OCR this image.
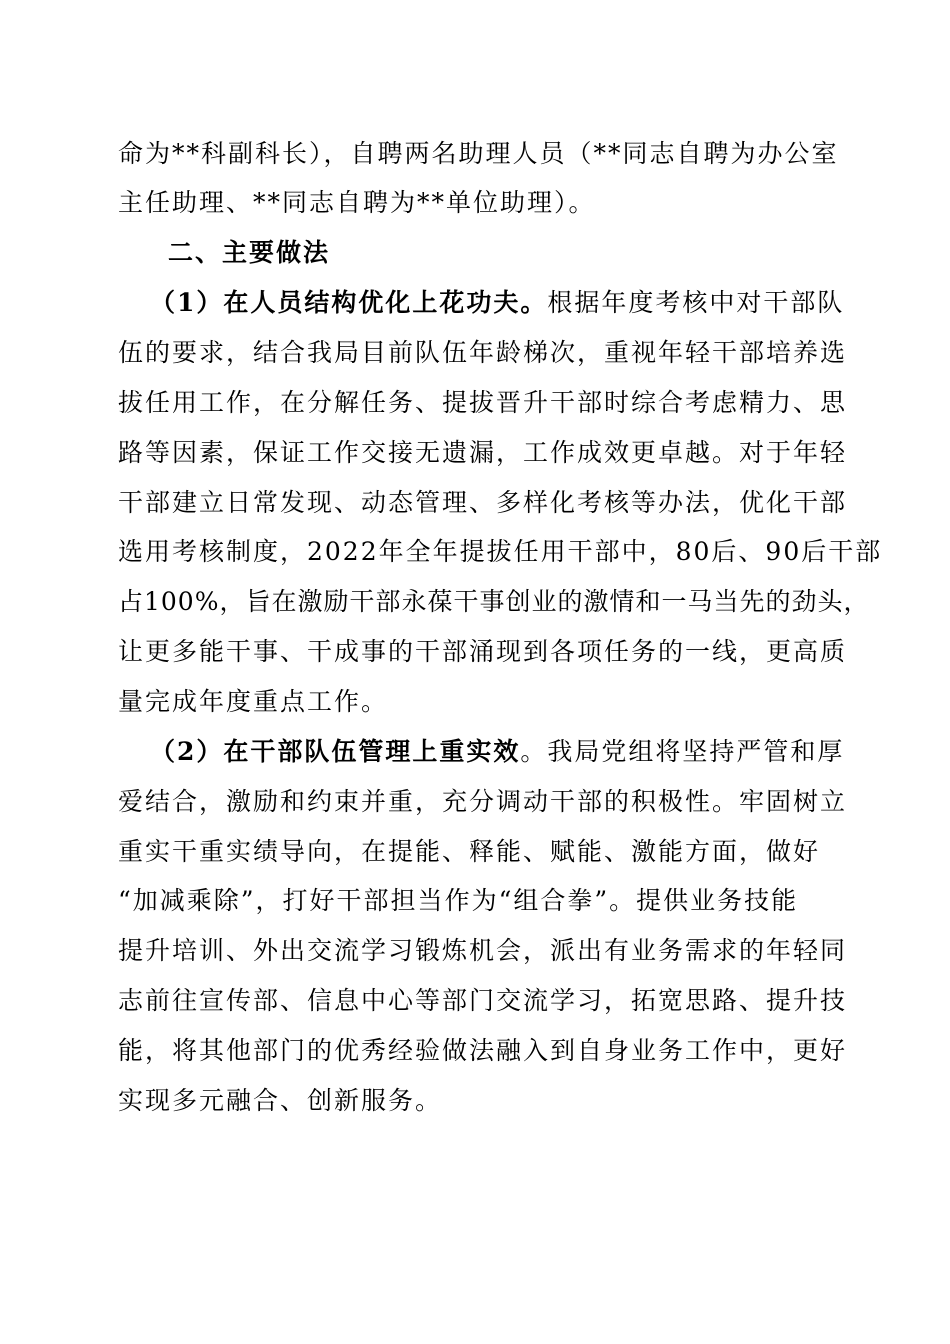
命为**科副科长），自聘两名助理人员（**同志自聘为办公室
主任助理、**同志自聘为**单位助理）。
二、主要做法
（1）在人员结构优化上花功夫。根据年度考核中对干部队
伍的要求，结合我局目前队伍年龄梯次，重视年轻干部培养选
拔任用工作，在分解任务、提拔晋升干部时综合考虑精力、思
路等因素，保证工作交接无遗漏，工作成效更卓越。对于年轻
干部建立日常发现、动态管理、多样化考核等办法，优化干部
选用考核制度，2022年全年提拔任用干部中，80后、90后干部
占100%，旨在激励干部永葆干事创业的激情和一马当先的劲头，
让更多能干事、干成事的干部涌现到各项任务的一线，更高质
量完成年度重点工作。
（2）在干部队伍管理上重实效。我局党组将坚持严管和厚
爱结合，激励和约束并重，充分调动干部的积极性。牢固树立
重实干重实绩导向，在提能、释能、赋能、激能方面，做好
“加减乘除”，打好干部担当作为“组合拳”。提供业务技能
提升培训、外出交流学习锻炼机会，派出有业务需求的年轻同
志前往宣传部、信息中心等部门交流学习，拓宽思路、提升技
能，将其他部门的优秀经验做法融入到自身业务工作中，更好
实现多元融合、创新服务。
